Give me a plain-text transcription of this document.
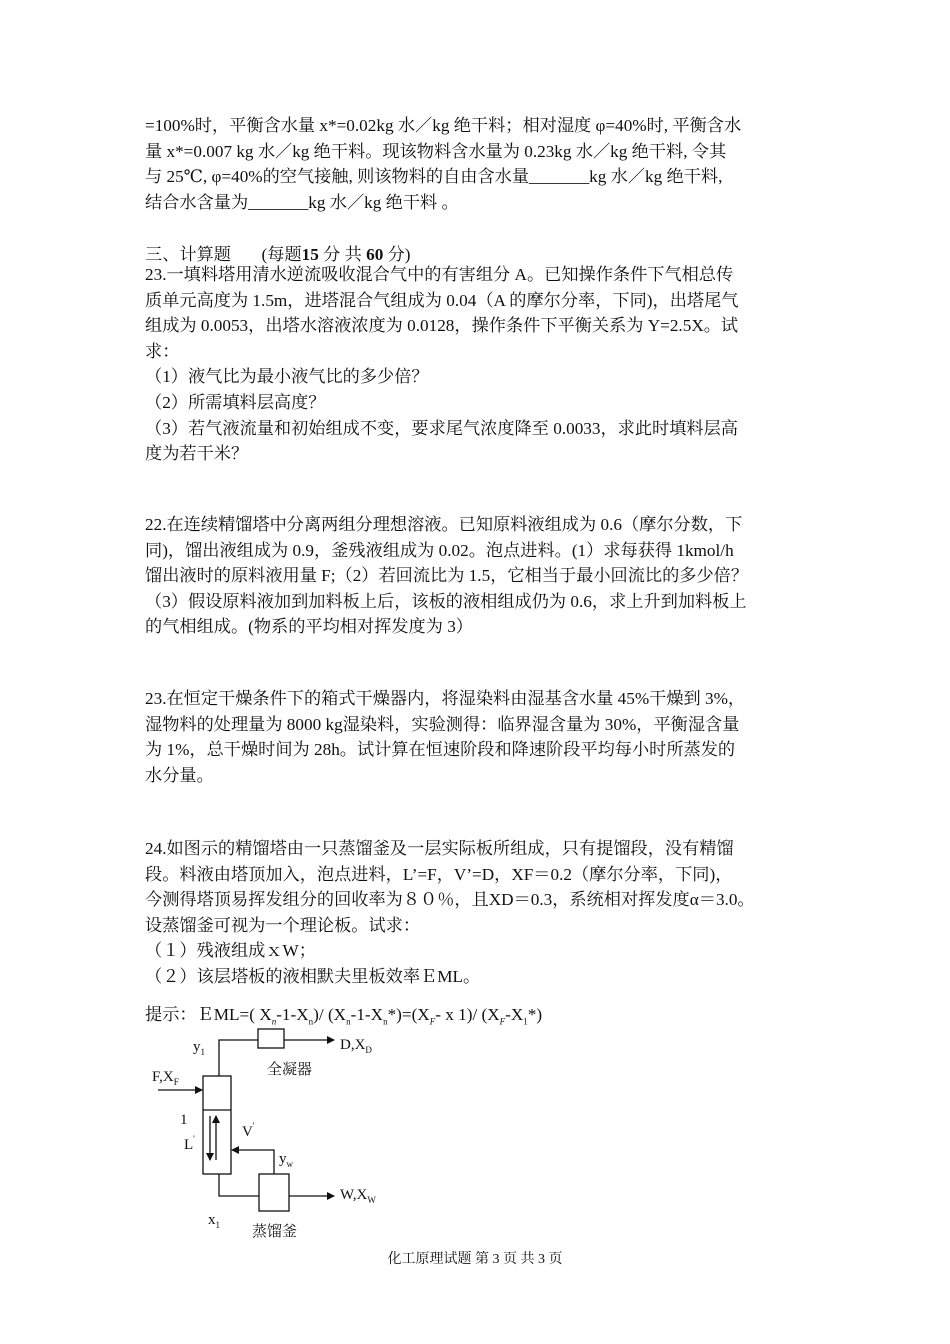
=100%时，平衡含水量 x*=0.02kg 水／kg 绝干料；相对湿度 φ=40%时, 平衡含水
量 x*=0.007 kg 水／kg 绝干料。现该物料含水量为 0.23kg 水／kg 绝干料, 令其
与 25℃, φ=40%的空气接触, 则该物料的自由含水量_______kg 水／kg 绝干料,
结合水含量为_______kg 水／kg 绝干料 。
三、计算题 (每题15 分 共 60 分)
23.一填料塔用清水逆流吸收混合气中的有害组分 A。已知操作条件下气相总传
质单元高度为 1.5m，进塔混合气组成为 0.04（A 的摩尔分率，下同)，出塔尾气
组成为 0.0053，出塔水溶液浓度为 0.0128，操作条件下平衡关系为 Y=2.5X。试
求：
（1）液气比为最小液气比的多少倍？
（2）所需填料层高度？
（3）若气液流量和初始组成不变，要求尾气浓度降至 0.0033，求此时填料层高
度为若干米？
22.在连续精馏塔中分离两组分理想溶液。已知原料液组成为 0.6（摩尔分数，下
同)，馏出液组成为 0.9，釜残液组成为 0.02。泡点进料。(1）求每获得 1kmol/h
馏出液时的原料液用量 F;（2）若回流比为 1.5，它相当于最小回流比的多少倍？
（3）假设原料液加到加料板上后，该板的液相组成仍为 0.6，求上升到加料板上
的气相组成。(物系的平均相对挥发度为 3）
23.在恒定干燥条件下的箱式干燥器内，将湿染料由湿基含水量 45%干燥到 3%，
湿物料的处理量为 8000 kg湿染料，实验测得：临界湿含量为 30%，平衡湿含量
为 1%，总干燥时间为 28h。试计算在恒速阶段和降速阶段平均每小时所蒸发的
水分量。
24.如图示的精馏塔由一只蒸馏釜及一层实际板所组成，只有提馏段，没有精馏
段。料液由塔顶加入，泡点进料，L’=F，V’=D，XF＝0.2（摩尔分率，下同)，
今测得塔顶易挥发组分的回收率为８０％，且XD＝0.3，系统相对挥发度α＝3.0。
设蒸馏釜可视为一个理论板。试求：
（１）残液组成ｘW；
（２）该层塔板的液相默夫里板效率ＥML。
提示：ＥML=( $X_n-1-X_n)/$ $(X_n-1-X_n*)=(X_F-$ x 1)/ $(X_F-X_1*)$
$y_1$	$D,X_D$
全凝器
$F,X_F$
1
L'	V'
$y_w$
$W,X_W$
$x_1$ 蒸馏釜
化工原理试题 第 3 页 共 3 页
